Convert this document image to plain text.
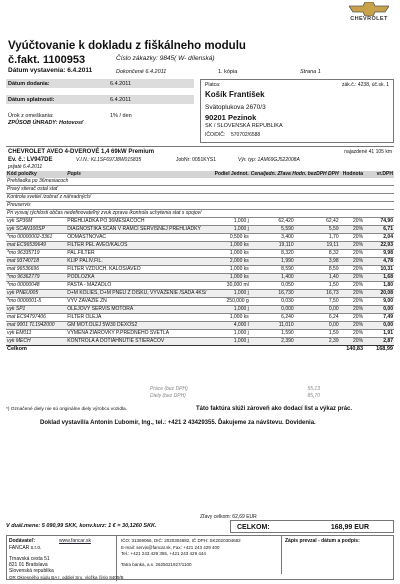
CHEVROLET
Vyúčtovanie k dokladu z fiškálneho modulu
č.fakt. 1100953	Číslo zákazky: 9845( W- dílenská)
Dátum vystavenia: 6.4.2011	Dokončené 6.4.2011	1. kópia	Strana 1
Dátum dodania:	6.4.2011
Dátum splatnosti:	6.4.2011
Úrok z omeškania:	1% / den
ZPŮSOB ÚHRADY: Hotovosť
Platca:	zák.č.: 4238, úč.sk. 1
Košík František
Svätoplukova 2670/3
90201 Pezinok
SK / SLOVENSKÁ REPUBLIKA
IČO/DIČ: 570702/6588
CHEVROLET AVEO 4-DVEROVÉ 1,4 69kW Premium	najazdené 41 105 km
Ev. č.: LV947DE	V.I.N.: KL1SF697J8W015835	JobNr: 0051KYS1	Výr. typ: 1AM69GJ522008A
prijaté 6.4.2011
Kód položky	Popis	Podiel Jednot.	Cena/jedn. Zľava Hodn. bezDPH DPH		Hodnota	vr.DPH
Prehliadka po 36mesiacoch						
Pravý stierač ostal stať						
Kontrola svetiel /zobrať z náhradných/						
Preuservis						
Pri vysvaj rýchlosti občas nedefinovateľný zvuk zprava /kontrola uchytenia stat s spojov/						
vyk SP36M	PREHLIADKA PO 36MESIACOCH	1,000 j	62,420	62,42	20%	74,90
vyk SCAN100SP	DIAGNOSTIKA SCAN V RÁMCI SERVISNEJ PREHLIADKY	1,000 j	5,590	5,59	20%	6,71
*mo 00000002-3361	ODMASTNOVAČ	0,500 ks	3,400	1,70	20%	2,04
mat EC96539649	FILTER PEL AVEO/KALOS	1,000 ks	19,110	19,11	20%	22,93
*mo 96335719	PAL.FILTER	1,000 ks	8,320	8,32	20%	9,98
mat 93740718	KLIP PALIV.FIL.	2,000 ks	1,990	3,98	20%	4,78
mat 96536696	FILTER VZDUCH. KALOS/AVEO	1,000 ks	8,590	8,59	20%	10,31
*mo 96362779	PODLOZKA	1,000 ks	1,400	1,40	20%	1,68
*mo 00000048	PASTA - MAZADLO	30,000 ml	0,050	1,50	20%	1,80
vyk PNEU005	D+M KOLIES, D+M PNEU Z DISKU, VYVÁŽENIE /SADA 4KS/	1,000 j	16,730	16,73	20%	20,08
*mo 0000001-5	VYV ZAVAZIE ZN	250,000 g	0,030	7,50	20%	9,00
vyk SP1	OLEJOVÝ SERVIS MOTORA	1,000 j	0,000	0,00	20%	0,00
mat EC94797406	FILTER OLEJA	1,000 ks	6,240	6,24	20%	7,49
mat 9001 TL1942000	GM MOT.OLEJ 5W30 DEXOS2	4,000 l	11,010	0,00	20%	0,00
vyk EM011	VÝMENA ŽIAROVKY P.PREDNÉHO SVETLA	1,000 j	1,590	1,59	20%	1,91
vyk MECH	KONTROLA A DOTIAHNUTIE STIERAČOV	1,000 j	2,390	2,39	20%	2,87
Celkom				140,83		168,99
Práce (bez DPH)	55,13
Diely (bez DPH)	85,70
*) Označené diely nie sú originálne diely výrobcu vozidla.	Táto faktúra slúži zároveň ako dodací list a výkaz prác.
Doklad vystavil/a Antonín Ľubomír, Ing., tel.: +421 2 43429355. Ďakujeme za návštevu. Dovidenia.
Zľavy celkom: 62,69 EUR
V duál.mene: 5 090,99 SKK, konv.kurz: 1 € = 30,1260 SKK.	CELKOM:	168,99 EUR
Dodávateľ:	www.fancar.sk
FANCAR s.r.o.
Trnavská cesta 51
821 01 Bratislava
Slovenská republika
IČO: 31369066, DIČ: 2020304682, IČ DPH: SK2020304682
E-mail: servis@fancar.sk, Fax: +421 243 429 400
Tel.: +421 243 429 355, +421 243 429 444
Tatra banka, a.s. 2625021927/1100
Zápis prevzal - dátum a podpis:
OR Okresného súdu BA I, oddiel Sro, vložka číslo 8400/B
